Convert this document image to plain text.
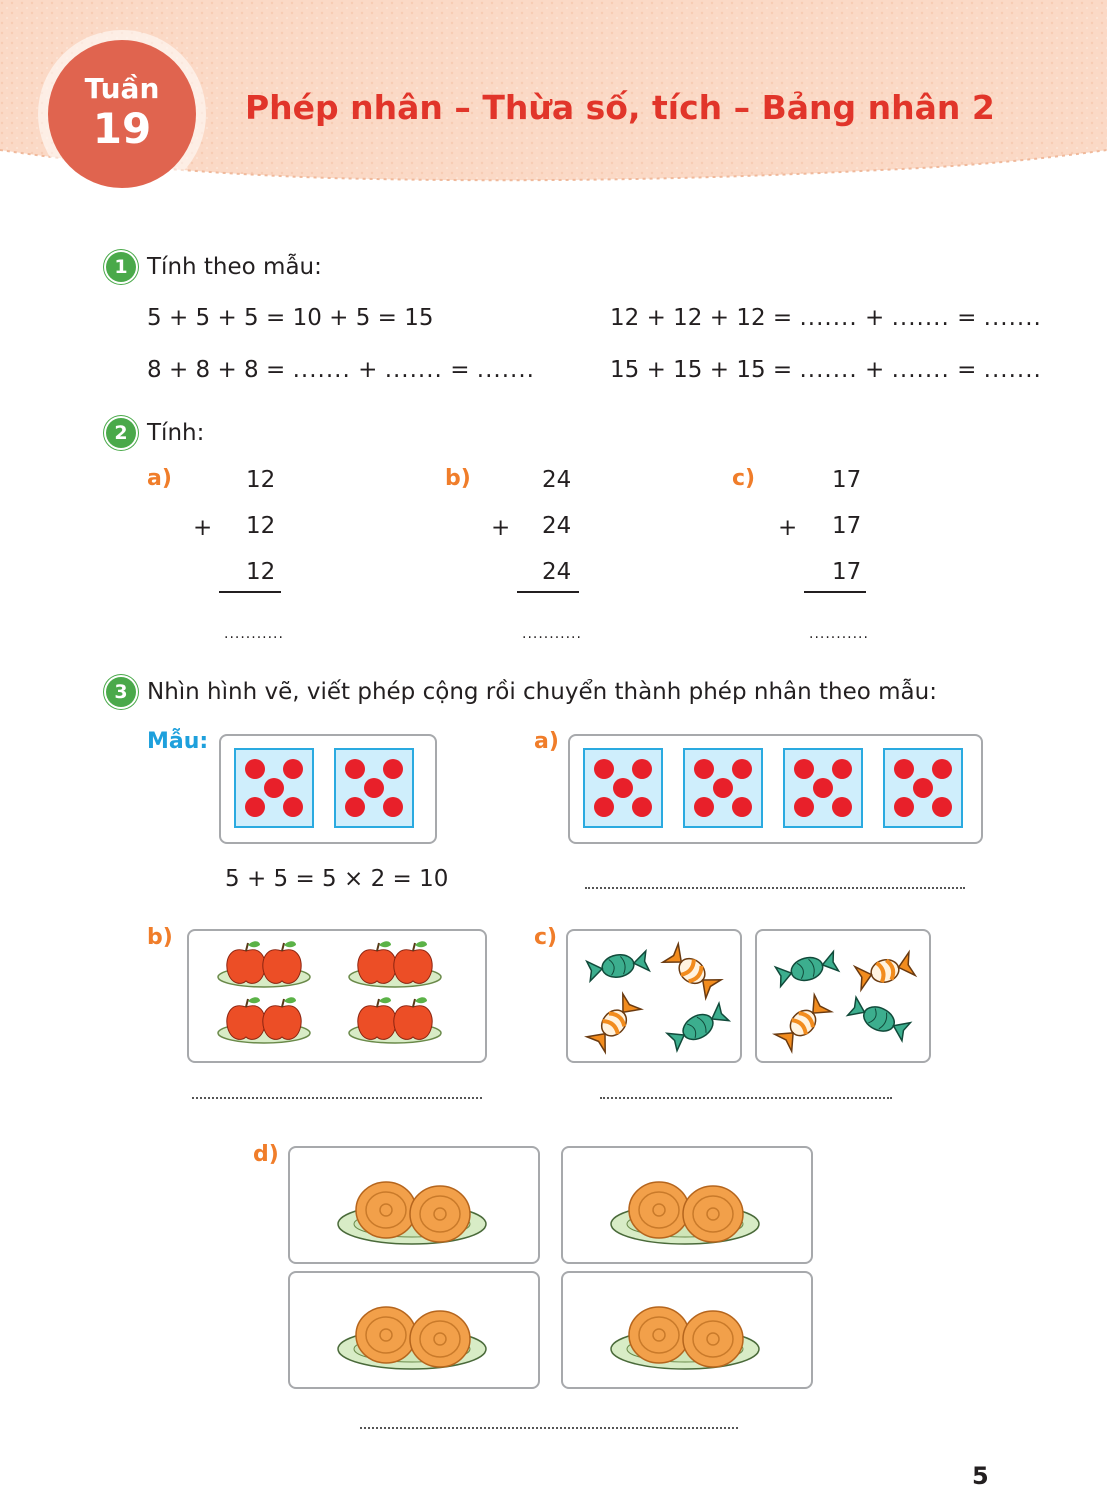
Tuần
19	Phép nhân – Thừa số, tích – Bảng nhân 2
1 Tính theo mẫu:
5 + 5 + 5 = 10 + 5 = 15
8 + 8 + 8 = ....... + ....... = .......
12 + 12 + 12 = ....... + ....... = .......
15 + 15 + 15 = ....... + ....... = .......
2 Tính:
a)	12
+ 12
12
...........
b)	24
+ 24
24
...........
c)	17
+ 17
17
...........
3 Nhìn hình vẽ, viết phép cộng rồi chuyển thành phép nhân theo mẫu:
Mẫu:
5 + 5 = 5 × 2 = 10
a)
b)	c)
d)
5
